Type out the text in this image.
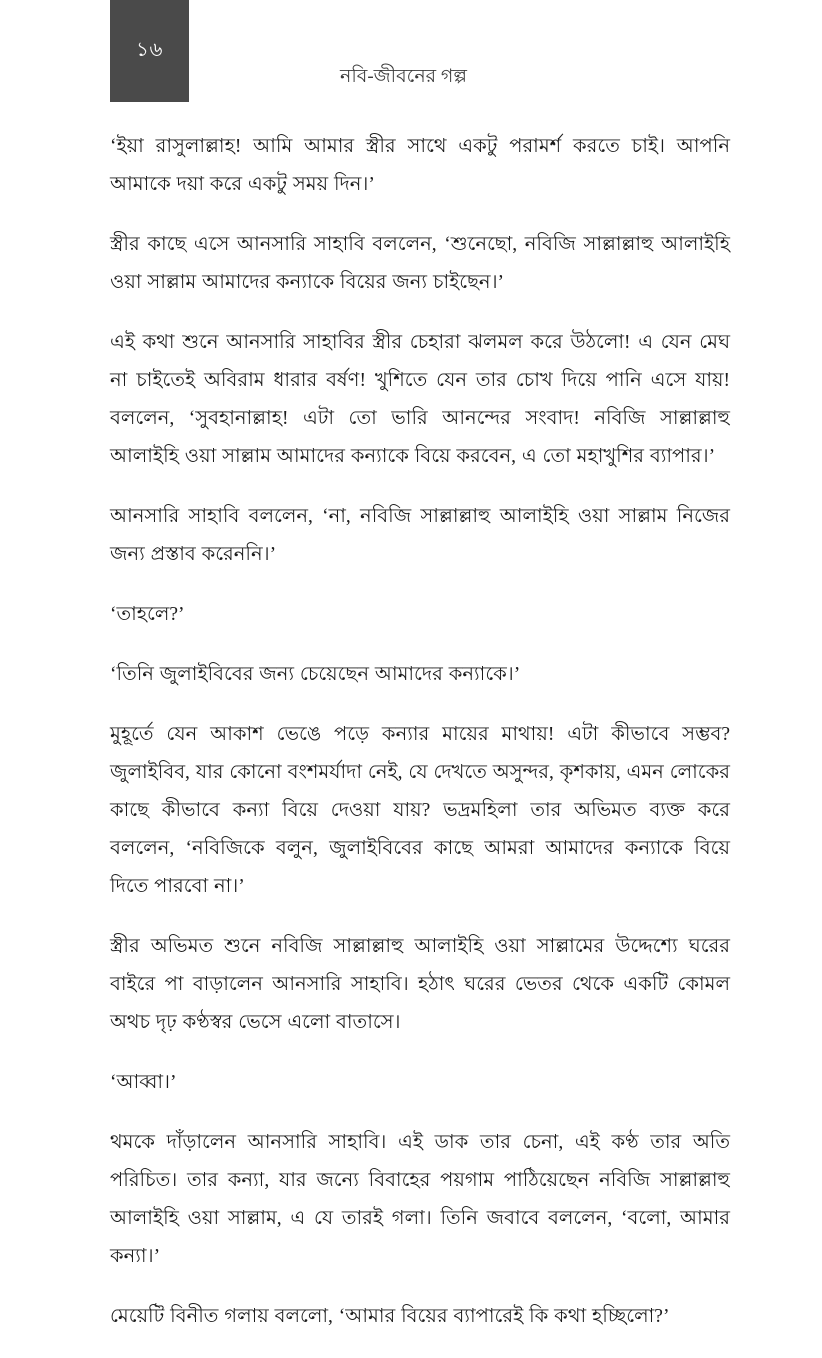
১৬
নবি-জীবনের গল্প

‘ইয়া রাসুলাল্লাহ! আমি আমার স্ত্রীর সাথে একটু পরামর্শ করতে চাই। আপনি আমাকে দয়া করে একটু সময় দিন।’

স্ত্রীর কাছে এসে আনসারি সাহাবি বললেন, ‘শুনেছো, নবিজি সাল্লাল্লাহু আলাইহি ওয়া সাল্লাম আমাদের কন্যাকে বিয়ের জন্য চাইছেন।’

এই কথা শুনে আনসারি সাহাবির স্ত্রীর চেহারা ঝলমল করে উঠলো! এ যেন মেঘ না চাইতেই অবিরাম ধারার বর্ষণ! খুশিতে যেন তার চোখ দিয়ে পানি এসে যায়! বললেন, ‘সুবহানাল্লাহ! এটা তো ভারি আনন্দের সংবাদ! নবিজি সাল্লাল্লাহু আলাইহি ওয়া সাল্লাম আমাদের কন্যাকে বিয়ে করবেন, এ তো মহাখুশির ব্যাপার।’

আনসারি সাহাবি বললেন, ‘না, নবিজি সাল্লাল্লাহু আলাইহি ওয়া সাল্লাম নিজের জন্য প্রস্তাব করেননি।’

‘তাহলে?’

‘তিনি জুলাইবিবের জন্য চেয়েছেন আমাদের কন্যাকে।’

মুহূর্তে যেন আকাশ ভেঙে পড়ে কন্যার মায়ের মাথায়! এটা কীভাবে সম্ভব? জুলাইবিব, যার কোনো বংশমর্যাদা নেই, যে দেখতে অসুন্দর, কৃশকায়, এমন লোকের কাছে কীভাবে কন্যা বিয়ে দেওয়া যায়? ভদ্রমহিলা তার অভিমত ব্যক্ত করে বললেন, ‘নবিজিকে বলুন, জুলাইবিবের কাছে আমরা আমাদের কন্যাকে বিয়ে দিতে পারবো না।’

স্ত্রীর অভিমত শুনে নবিজি সাল্লাল্লাহু আলাইহি ওয়া সাল্লামের উদ্দেশ্যে ঘরের বাইরে পা বাড়ালেন আনসারি সাহাবি। হঠাৎ ঘরের ভেতর থেকে একটি কোমল অথচ দৃঢ় কণ্ঠস্বর ভেসে এলো বাতাসে।

‘আব্বা।’

থমকে দাঁড়ালেন আনসারি সাহাবি। এই ডাক তার চেনা, এই কণ্ঠ তার অতি পরিচিত। তার কন্যা, যার জন্যে বিবাহের পয়গাম পাঠিয়েছেন নবিজি সাল্লাল্লাহু আলাইহি ওয়া সাল্লাম, এ যে তারই গলা। তিনি জবাবে বললেন, ‘বলো, আমার কন্যা।’

মেয়েটি বিনীত গলায় বললো, ‘আমার বিয়ের ব্যাপারেই কি কথা হচ্ছিলো?’
